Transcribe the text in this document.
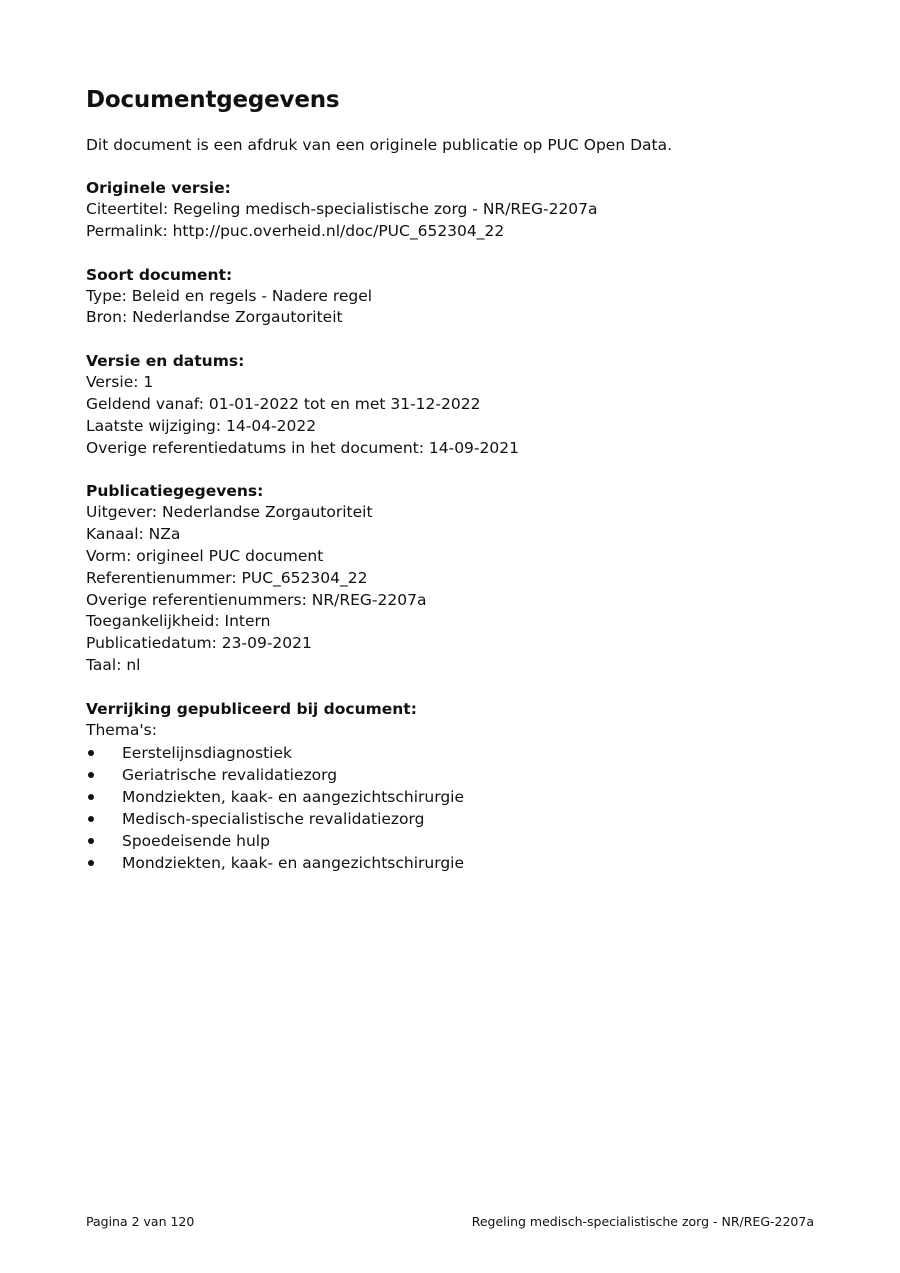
Documentgegevens

Dit document is een afdruk van een originele publicatie op PUC Open Data.

Originele versie:

Citeertitel: Regeling medisch-specialistische zorg - NR/REG-2207a

Permalink: http://puc.overheid.nl/doc/PUC_652304_22

Soort document:

Type: Beleid en regels - Nadere regel

Bron: Nederlandse Zorgautoriteit

Versie en datums:

Versie: 1

Geldend vanaf: 01-01-2022 tot en met 31-12-2022

Laatste wijziging: 14-04-2022

Overige referentiedatums in het document: 14-09-2021

Publicatiegegevens:

Uitgever: Nederlandse Zorgautoriteit

Kanaal: NZa

Vorm: origineel PUC document

Referentienummer: PUC_652304_22

Overige referentienummers: NR/REG-2207a

Toegankelijkheid: Intern

Publicatiedatum: 23-09-2021

Taal: nl

Verrijking gepubliceerd bij document:

Thema's:

Eerstelijnsdiagnostiek
Geriatrische revalidatiezorg
Mondziekten, kaak- en aangezichtschirurgie
Medisch-specialistische revalidatiezorg
Spoedeisende hulp
Mondziekten, kaak- en aangezichtschirurgie
Pagina 2 van 120	Regeling medisch-specialistische zorg - NR/REG-2207a
